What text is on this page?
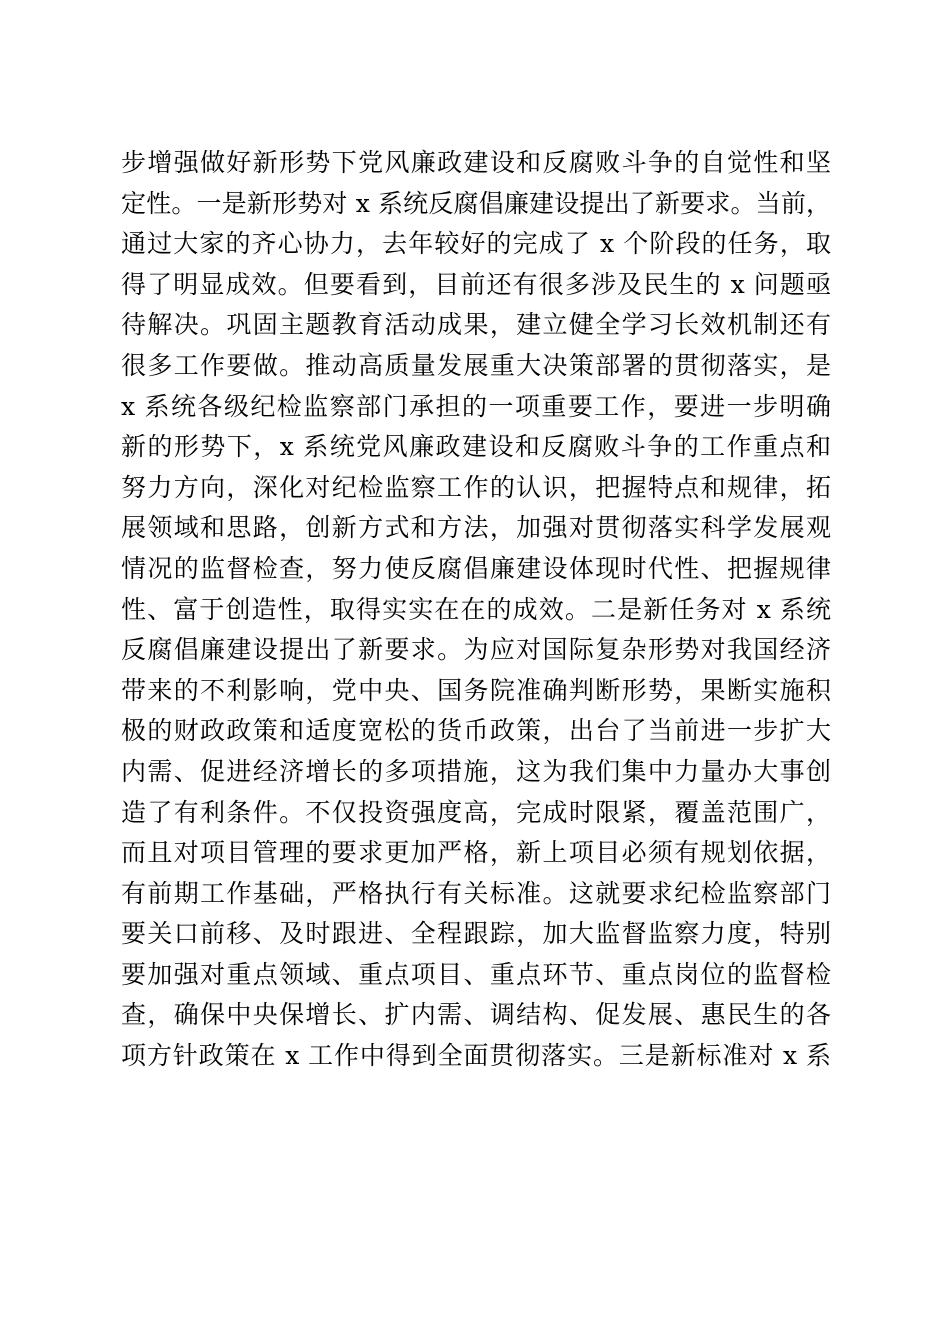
步增强做好新形势下党风廉政建设和反腐败斗争的自觉性和坚
定性。一是新形势对 x 系统反腐倡廉建设提出了新要求。当前，
通过大家的齐心协力，去年较好的完成了 x 个阶段的任务，取
得了明显成效。但要看到，目前还有很多涉及民生的 x 问题亟
待解决。巩固主题教育活动成果，建立健全学习长效机制还有
很多工作要做。推动高质量发展重大决策部署的贯彻落实，是
x 系统各级纪检监察部门承担的一项重要工作，要进一步明确
新的形势下，x 系统党风廉政建设和反腐败斗争的工作重点和
努力方向，深化对纪检监察工作的认识，把握特点和规律，拓
展领域和思路，创新方式和方法，加强对贯彻落实科学发展观
情况的监督检查，努力使反腐倡廉建设体现时代性、把握规律
性、富于创造性，取得实实在在的成效。二是新任务对 x 系统
反腐倡廉建设提出了新要求。为应对国际复杂形势对我国经济
带来的不利影响，党中央、国务院准确判断形势，果断实施积
极的财政政策和适度宽松的货币政策，出台了当前进一步扩大
内需、促进经济增长的多项措施，这为我们集中力量办大事创
造了有利条件。不仅投资强度高，完成时限紧，覆盖范围广，
而且对项目管理的要求更加严格，新上项目必须有规划依据，
有前期工作基础，严格执行有关标准。这就要求纪检监察部门
要关口前移、及时跟进、全程跟踪，加大监督监察力度，特别
要加强对重点领域、重点项目、重点环节、重点岗位的监督检
查，确保中央保增长、扩内需、调结构、促发展、惠民生的各
项方针政策在 x 工作中得到全面贯彻落实。三是新标准对 x 系
